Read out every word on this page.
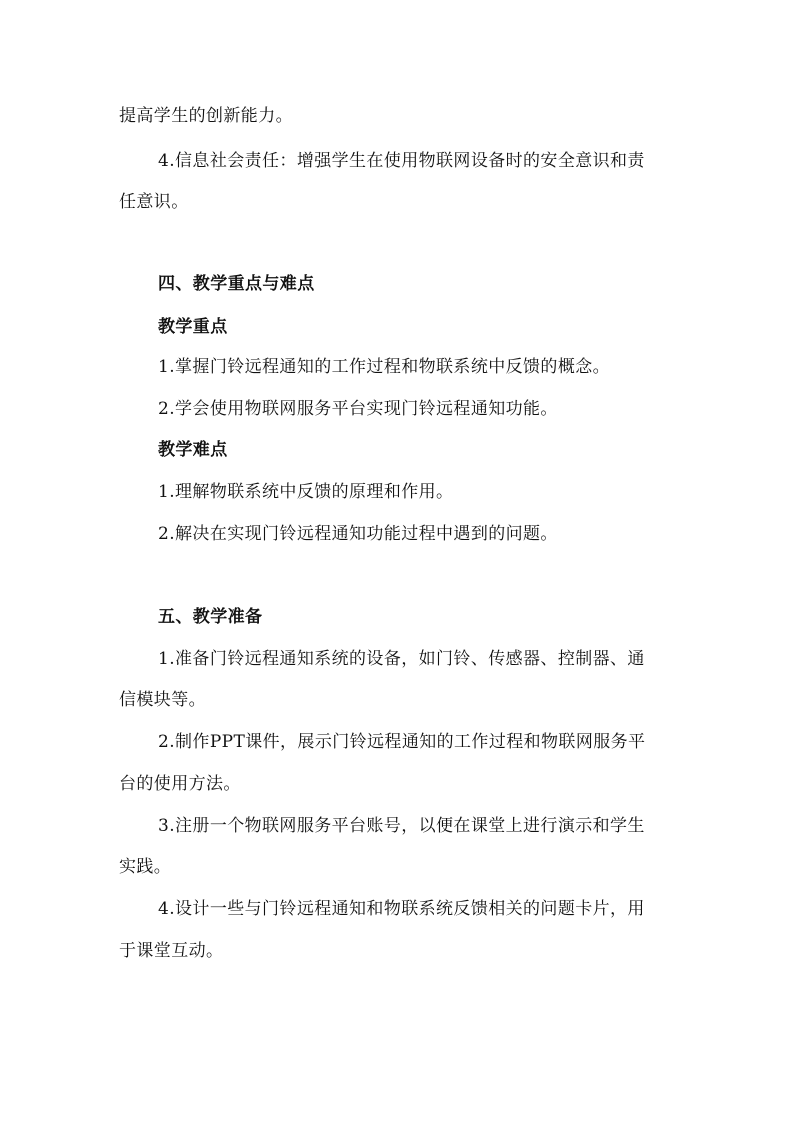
提高学生的创新能力。
4.信息社会责任：增强学生在使用物联网设备时的安全意识和责
任意识。
四、教学重点与难点
教学重点
1.掌握门铃远程通知的工作过程和物联系统中反馈的概念。
2.学会使用物联网服务平台实现门铃远程通知功能。
教学难点
1.理解物联系统中反馈的原理和作用。
2.解决在实现门铃远程通知功能过程中遇到的问题。
五、教学准备
1.准备门铃远程通知系统的设备，如门铃、传感器、控制器、通
信模块等。
2.制作PPT课件，展示门铃远程通知的工作过程和物联网服务平
台的使用方法。
3.注册一个物联网服务平台账号，以便在课堂上进行演示和学生
实践。
4.设计一些与门铃远程通知和物联系统反馈相关的问题卡片，用
于课堂互动。
